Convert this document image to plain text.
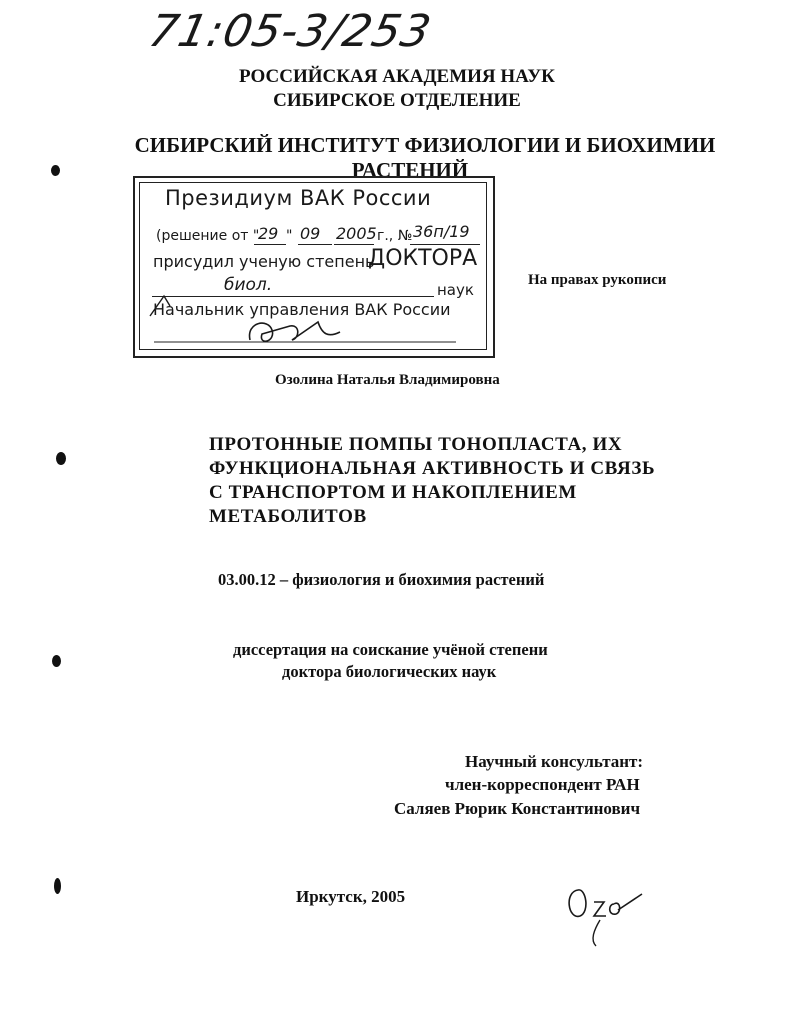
71:05-3/253
РОССИЙСКАЯ АКАДЕМИЯ НАУК
СИБИРСКОЕ ОТДЕЛЕНИЕ
СИБИРСКИЙ ИНСТИТУТ ФИЗИОЛОГИИ И БИОХИМИИ
РАСТЕНИЙ
Президиум ВАК России
(решение от "
29 " 09 2005 г., № 36п/19
присудил ученую степень
ДОКТОРА
биол.	наук
Начальник управления ВАК России
На правах рукописи
Озолина Наталья Владимировна
ПРОТОННЫЕ ПОМПЫ ТОНОПЛАСТА, ИХ
ФУНКЦИОНАЛЬНАЯ АКТИВНОСТЬ И СВЯЗЬ
С ТРАНСПОРТОМ И НАКОПЛЕНИЕМ
МЕТАБОЛИТОВ
03.00.12 – физиология и биохимия растений
диссертация на соискание учёной степени
доктора биологических наук
Научный консультант:
член-корреспондент РАН
Саляев Рюрик Константинович
Иркутск, 2005
